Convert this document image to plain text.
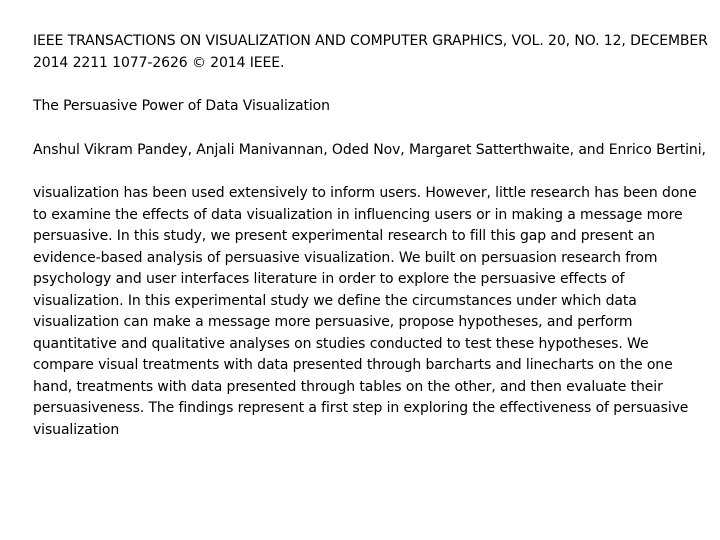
IEEE TRANSACTIONS ON VISUALIZATION AND COMPUTER GRAPHICS, VOL. 20, NO. 12, DECEMBER 2014 2211 1077-2626 © 2014 IEEE.

The Persuasive Power of Data Visualization

Anshul Vikram Pandey, Anjali Manivannan, Oded Nov, Margaret Satterthwaite, and Enrico Bertini,

visualization has been used extensively to inform users. However, little research has been done to examine the effects of data visualization in influencing users or in making a message more persuasive. In this study, we present experimental research to fill this gap and present an evidence-based analysis of persuasive visualization. We built on persuasion research from psychology and user interfaces literature in order to explore the persuasive effects of visualization. In this experimental study we define the circumstances under which data visualization can make a message more persuasive, propose hypotheses, and perform quantitative and qualitative analyses on studies conducted to test these hypotheses. We compare visual treatments with data presented through barcharts and linecharts on the one hand, treatments with data presented through tables on the other, and then evaluate their persuasiveness. The findings represent a first step in exploring the effectiveness of persuasive visualization
